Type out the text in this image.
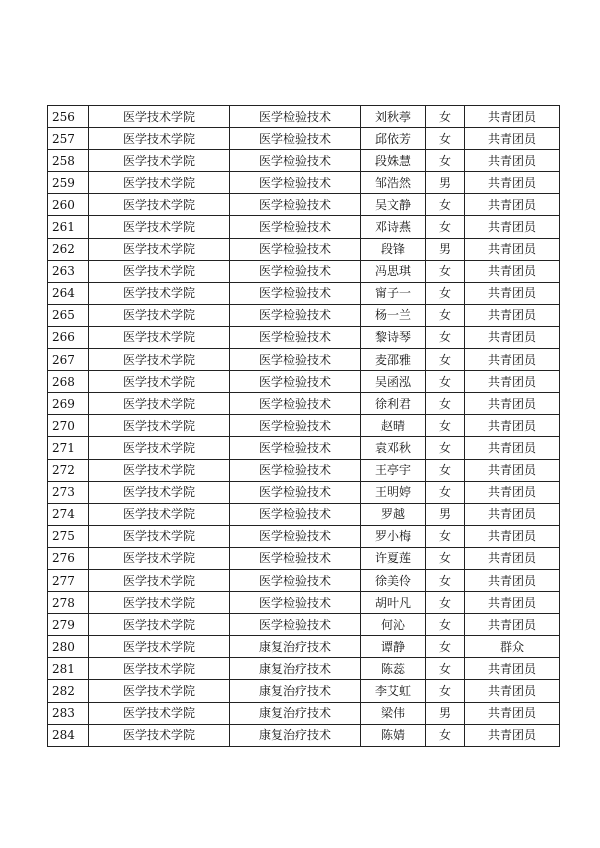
256	医学技术学院	医学检验技术	刘秋葶	女	共青团员
257	医学技术学院	医学检验技术	邱依芳	女	共青团员
258	医学技术学院	医学检验技术	段姝慧	女	共青团员
259	医学技术学院	医学检验技术	邹浩然	男	共青团员
260	医学技术学院	医学检验技术	吴文静	女	共青团员
261	医学技术学院	医学检验技术	邓诗燕	女	共青团员
262	医学技术学院	医学检验技术	段锋	男	共青团员
263	医学技术学院	医学检验技术	冯思琪	女	共青团员
264	医学技术学院	医学检验技术	甯子一	女	共青团员
265	医学技术学院	医学检验技术	杨一兰	女	共青团员
266	医学技术学院	医学检验技术	黎诗琴	女	共青团员
267	医学技术学院	医学检验技术	麦邵雅	女	共青团员
268	医学技术学院	医学检验技术	吴函泓	女	共青团员
269	医学技术学院	医学检验技术	徐利君	女	共青团员
270	医学技术学院	医学检验技术	赵晴	女	共青团员
271	医学技术学院	医学检验技术	袁邓秋	女	共青团员
272	医学技术学院	医学检验技术	王亭宇	女	共青团员
273	医学技术学院	医学检验技术	王明婷	女	共青团员
274	医学技术学院	医学检验技术	罗越	男	共青团员
275	医学技术学院	医学检验技术	罗小梅	女	共青团员
276	医学技术学院	医学检验技术	许夏莲	女	共青团员
277	医学技术学院	医学检验技术	徐美伶	女	共青团员
278	医学技术学院	医学检验技术	胡叶凡	女	共青团员
279	医学技术学院	医学检验技术	何沁	女	共青团员
280	医学技术学院	康复治疗技术	谭静	女	群众
281	医学技术学院	康复治疗技术	陈蕊	女	共青团员
282	医学技术学院	康复治疗技术	李艾虹	女	共青团员
283	医学技术学院	康复治疗技术	梁伟	男	共青团员
284	医学技术学院	康复治疗技术	陈婧	女	共青团员
